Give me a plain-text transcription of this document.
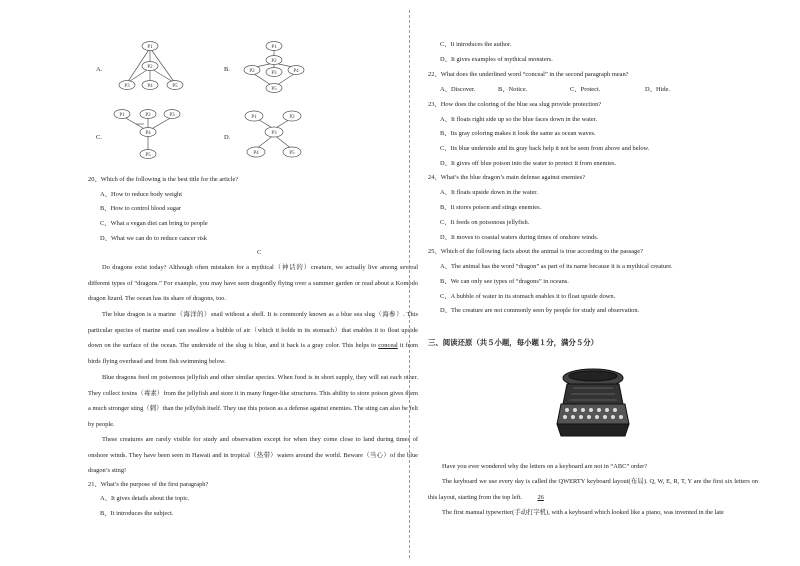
A.
P1
P2
P3	P4	P5
B.
P1
P2
P2	P3	P4
P5
C.
P1	P2	P3
P4
P5
D.
P1	P2
P3
P4	P5
20、Which of the following is the best title for the article?
A、How to reduce body weight
B、How to control blood sugar
C、What a vegan diet can bring to people
D、What we can do to reduce cancer risk
C
Do dragons exist today? Although often mistaken for a mythical（神话的）creature, we actually live among several different types of “dragons.” For example, you may have seen dragonfly flying over a summer garden or read about a Komodo dragon lizard. The ocean has its share of dragons, too.
The blue dragon is a marine（海洋的）snail without a shell. It is commonly known as a blue sea slug（海参）. This particular species of marine snail can swallow a bubble of air（which it holds in its stomach）that enables it to float upside down on the surface of the ocean. The underside of the slug is blue, and it back is a gray color. This helps to conceal it from birds flying overhead and from fish swimming below.
Blue dragons feed on poisonous jellyfish and other similar species. When food is in short supply, they will eat each other. They collect toxins（毒素）from the jellyfish and store it in many finger-like structures. This ability to store poison gives them a much stronger sting（刺）than the jellyfish itself. They use this poison as a defense against enemies. The sting can also be felt by people.
These creatures are rarely visible for study and observation except for when they come close to land during times of onshore winds. They have been seen in Hawaii and in tropical（热带）waters around the world. Beware（当心）of the blue dragon’s sting!
21、What’s the purpose of the first paragraph?
A、It gives details about the topic.
B、It introduces the subject.
C、It introduces the author.
D、It gives examples of mythical monsters.
22、What does the underlined word “conceal” in the second paragraph mean?
A、Discover.	B、Notice.	C、Protect.	D、Hide.
23、How does the coloring of the blue sea slug provide protection?
A、It floats right side up so the blue faces down in the water.
B、Its gray coloring makes it look the same as ocean waves.
C、Its blue underside and its gray back help it not be seen from above and below.
D、It gives off blue poison into the water to protect it from enemies.
24、What’s the blue dragon’s main defense against enemies?
A、It floats upside down in the water.
B、It stores poison and stings enemies.
C、It feeds on poisonous jellyfish.
D、It moves to coastal waters during times of onshore winds.
25、Which of the following facts about the animal is true according to the passage?
A、The animal has the word “dragon” as part of its name because it is a mythical creature.
B、We can only see types of “dragons” in oceans.
C、A bubble of water in its stomach enables it to float upside down.
D、The creature are not commonly seen by people for study and observation.
三、阅读还原（共５小题，每小题１分，满分５分）
Have you ever wondered why the letters on a keyboard are not in “ABC” order?
The keyboard we use every day is called the QWERTY keyboard layout(布局). Q, W, E, R, T, Y are the first six letters on this layout, starting from the top left. 26
The first manual typewriter(手动打字机), with a keyboard which looked like a piano, was invented in the late
